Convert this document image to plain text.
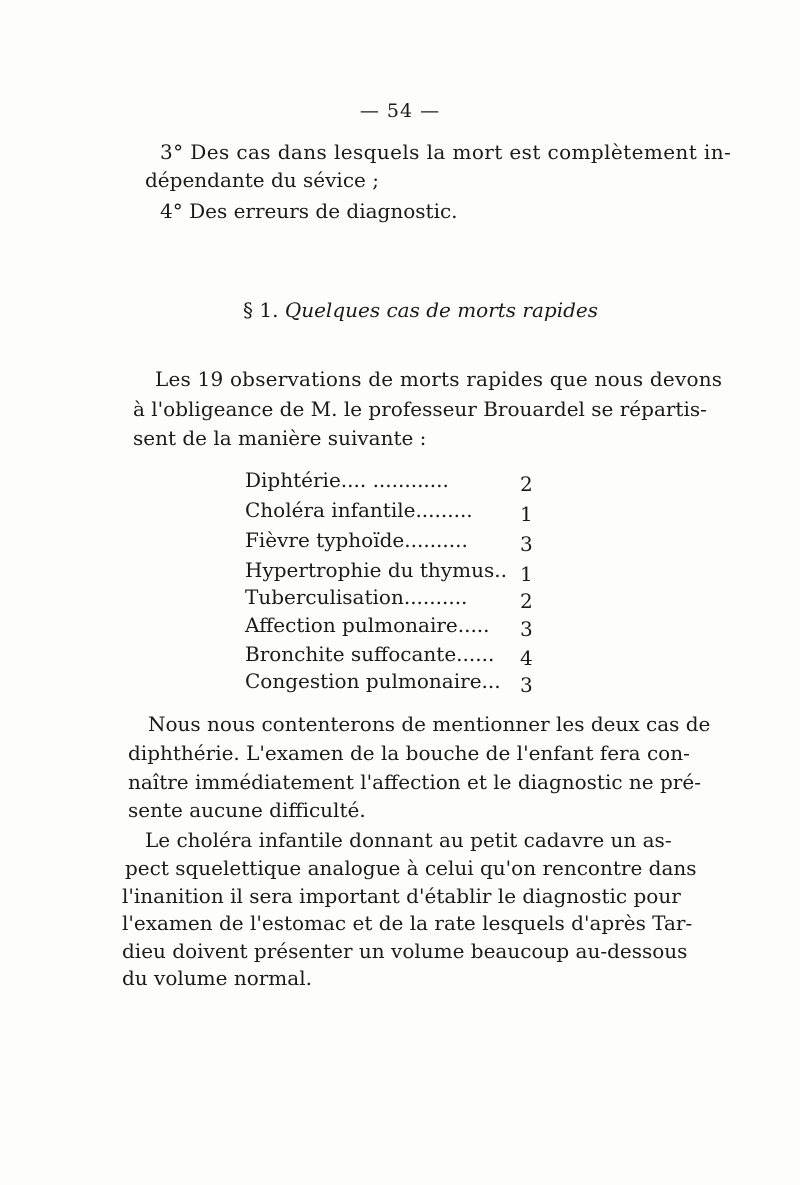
— 54 —
3° Des cas dans lesquels la mort est complètement in-
dépendante du sévice ;
4° Des erreurs de diagnostic.
§ 1. Quelques cas de morts rapides
Les 19 observations de morts rapides que nous devons
à l'obligeance de M. le professeur Brouardel se répartis-
sent de la manière suivante :
Diphtérie.... ............	2
Choléra infantile......... 1
Fièvre typhoïde..........	3
Hypertrophie du thymus.. 1
Tuberculisation..........	2
Affection pulmonaire..... 3
Bronchite suffocante...... 4
Congestion pulmonaire... 3
Nous nous contenterons de mentionner les deux cas de
diphthérie. L'examen de la bouche de l'enfant fera con-
naître immédiatement l'affection et le diagnostic ne pré-
sente aucune difficulté.
Le choléra infantile donnant au petit cadavre un as-
pect squelettique analogue à celui qu'on rencontre dans
l'inanition il sera important d'établir le diagnostic pour
l'examen de l'estomac et de la rate lesquels d'après Tar-
dieu doivent présenter un volume beaucoup au-dessous
du volume normal.
